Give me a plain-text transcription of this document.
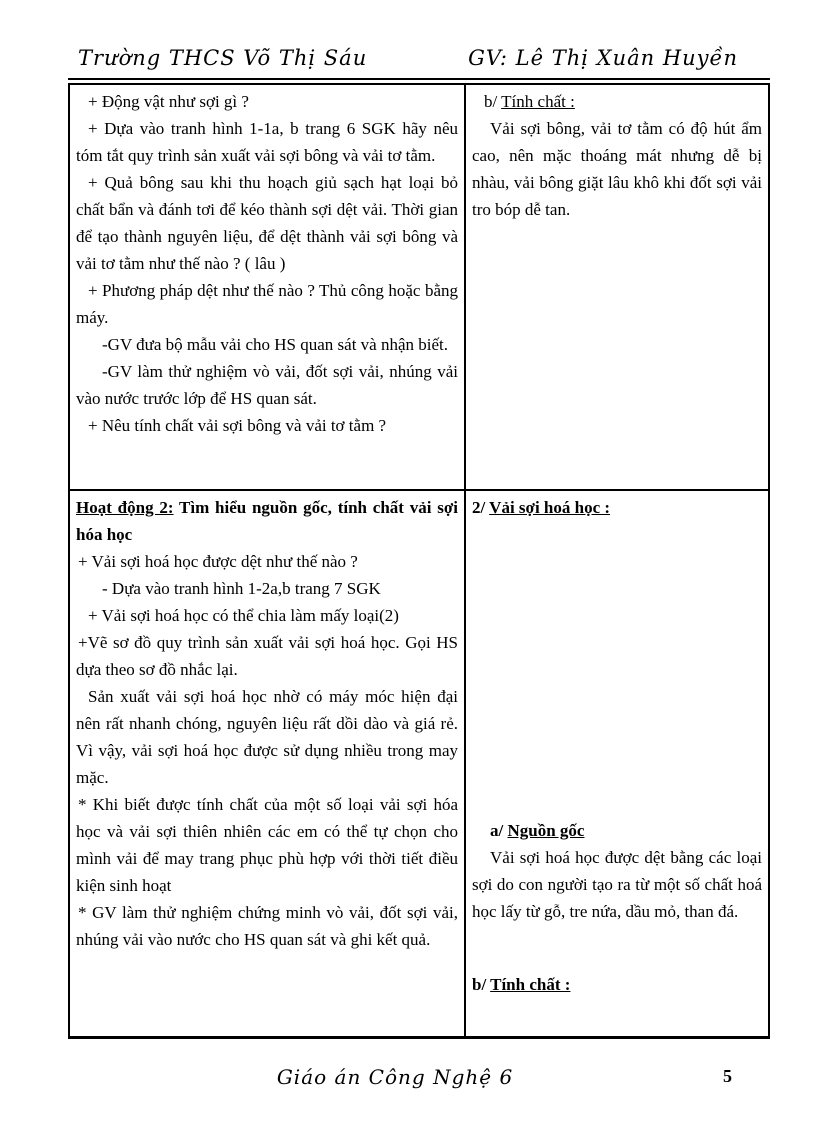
Trường THCS Võ Thị Sáu	GV: Lê Thị Xuân Huyền

+ Động vật như sợi gì ?

+ Dựa vào tranh hình 1-1a, b trang 6 SGK hãy nêu tóm tắt quy trình sản xuất vải sợi bông và vải tơ tằm.

+ Quả bông sau khi thu hoạch giủ sạch hạt loại bỏ chất bẩn và đánh tơi để kéo thành sợi dệt vải. Thời gian để tạo thành nguyên liệu, để dệt thành vải sợi bông và vải tơ tằm như thế nào ? ( lâu )

+ Phương pháp dệt như thế nào ? Thủ công hoặc bằng máy.

-GV đưa bộ mẫu vải cho HS quan sát và nhận biết.

-GV làm thử nghiệm vò vải, đốt sợi vải, nhúng vải vào nước trước lớp để HS quan sát.

+ Nêu tính chất vải sợi bông và vải tơ tằm ?

b/ Tính chất :

Vải sợi bông, vải tơ tằm có độ hút ẩm cao, nên mặc thoáng mát nhưng dễ bị nhàu, vải bông giặt lâu khô khi đốt sợi vải tro bóp dễ tan.

Hoạt động 2: Tìm hiểu nguồn gốc, tính chất vải sợi hóa học

+ Vải sợi hoá học được dệt như thế nào ?

- Dựa vào tranh hình 1-2a,b trang 7 SGK

+ Vải sợi hoá học có thể chia làm mấy loại(2)

+Vẽ sơ đồ quy trình sản xuất vải sợi hoá học. Gọi HS dựa theo sơ đồ nhắc lại.

Sản xuất vải sợi hoá học nhờ có máy móc hiện đại nên rất nhanh chóng, nguyên liệu rất dồi dào và giá rẻ. Vì vậy, vải sợi hoá học được sử dụng nhiều trong may mặc.

* Khi biết được tính chất của một số loại vải sợi hóa học và vải sợi thiên nhiên các em có thể tự chọn cho mình vải để may trang phục phù hợp với thời tiết điều kiện sinh hoạt

* GV làm thử nghiệm chứng minh vò vải, đốt sợi vải, nhúng vải vào nước cho HS quan sát và ghi kết quả.

2/ Vải sợi hoá học :

a/ Nguồn gốc

Vải sợi hoá học được dệt bằng các loại sợi do con người tạo ra từ một số chất hoá học lấy từ gỗ, tre nứa, dầu mỏ, than đá.

b/ Tính chất :

Giáo án Công Nghệ 6	5
